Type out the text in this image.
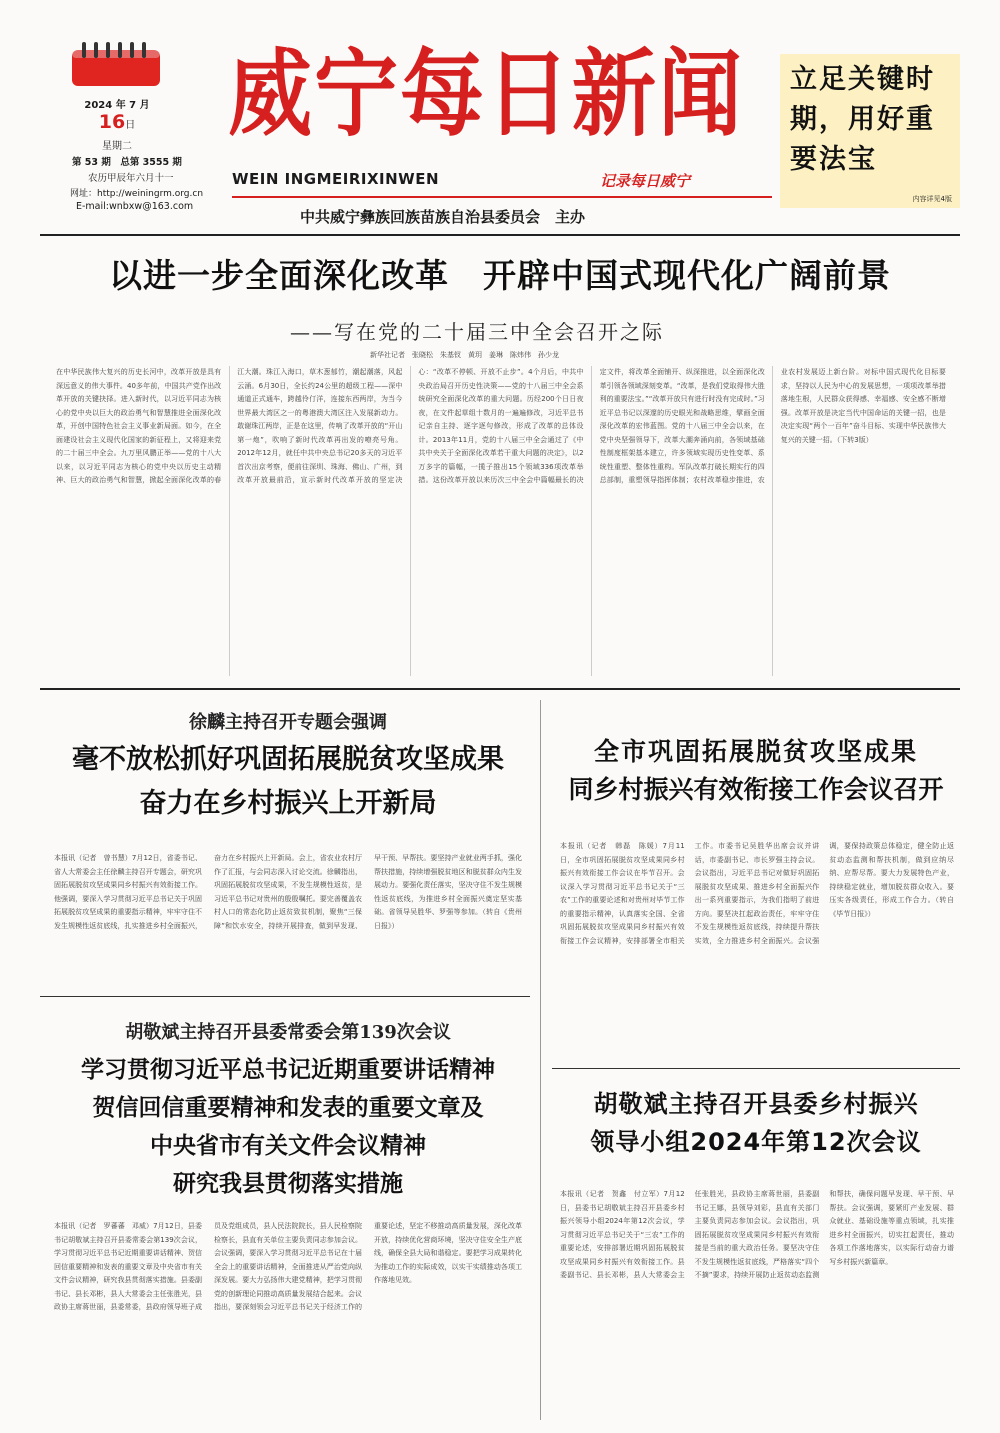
2024 年 7 月
16日
星期二
第 53 期　总第 3555 期
农历甲辰年六月十一
网址：http://weiningrm.org.cn
E-mail:wnbxw@163.com
威宁每日新闻
WEIN INGMEIRIXINWEN	记录每日威宁
中共威宁彝族回族苗族自治县委员会　主办
立足关键时期，用好重要法宝
内容详见4版
以进一步全面深化改革　开辟中国式现代化广阔前景
——写在党的二十届三中全会召开之际
新华社记者　张晓松　朱基钗　黄玥　姜琳　陈炜伟　孙少龙
在中华民族伟大复兴的历史长河中，改革开放是具有深远意义的伟大事件。40多年前，中国共产党作出改革开放的关键抉择。进入新时代，以习近平同志为核心的党中央以巨大的政治勇气和智慧推进全面深化改革，开创中国特色社会主义事业新局面。如今，在全面建设社会主义现代化国家的新征程上，又将迎来党的二十届三中全会。九万里风鹏正举——党的十八大以来，以习近平同志为核心的党中央以历史主动精神、巨大的政治勇气和智慧，掀起全面深化改革的春江大潮。珠江入海口，草木葱郁竹，潮起潮落，风起云涌。6月30日，全长约24公里的超级工程——深中通道正式通车，跨越伶仃洋，连接东西两岸，为当今世界最大湾区之一的粤港澳大湾区注入发展新动力。敢谢珠江两岸，正是在这里，传响了改革开放的“开山第一炮”，吹响了新时代改革再出发的嘹亮号角。2012年12月，就任中共中央总书记20多天的习近平首次出京考察，便前往深圳、珠海、佛山、广州，到改革开放最前沿，宣示新时代改革开放的坚定决心：“改革不停顿、开放不止步”。4个月后，中共中央政治局召开历史性决策——党的十八届三中全会系统研究全面深化改革的重大问题。历经200个日日夜夜，在文件起草组十数月的一遍遍修改，习近平总书记亲自主持、逐字逐句修改，形成了改革的总体设计。2013年11月，党的十八届三中全会通过了《中共中央关于全面深化改革若干重大问题的决定》，以2万多字的篇幅，一揽子推出15个领域336项改革举措。这份改革开放以来历次三中全会中篇幅最长的决定文件，将改革全面铺开、纵深推进，以全面深化改革引领各领域深刻变革。“改革，是我们党取得伟大胜利的重要法宝。”“改革开放只有进行时没有完成时。”习近平总书记以深邃的历史眼光和战略思维，擘画全面深化改革的宏伟蓝图。党的十八届三中全会以来，在党中央坚强领导下，改革大潮奔涌向前，各领域基础性制度框架基本建立，许多领域实现历史性变革、系统性重塑、整体性重构。军队改革打破长期实行的四总部制，重塑领导指挥体制；农村改革稳步推进，农业农村发展迈上新台阶。对标中国式现代化目标要求，坚持以人民为中心的发展思想，一项项改革举措落地生根，人民群众获得感、幸福感、安全感不断增强。改革开放是决定当代中国命运的关键一招，也是决定实现“两个一百年”奋斗目标、实现中华民族伟大复兴的关键一招。（下转3版）
徐麟主持召开专题会强调
毫不放松抓好巩固拓展脱贫攻坚成果
奋力在乡村振兴上开新局
本报讯（记者　曾书慧）7月12日，省委书记、省人大常委会主任徐麟主持召开专题会，研究巩固拓展脱贫攻坚成果同乡村振兴有效衔接工作。他强调，要深入学习贯彻习近平总书记关于巩固拓展脱贫攻坚成果的重要指示精神，牢牢守住不发生规模性返贫底线，扎实推进乡村全面振兴，奋力在乡村振兴上开新局。会上，省农业农村厅作了汇报，与会同志深入讨论交流。徐麟指出，巩固拓展脱贫攻坚成果，不发生规模性返贫，是习近平总书记对贵州的殷殷嘱托。要完善覆盖农村人口的常态化防止返贫致贫机制，聚焦“三保障”和饮水安全，持续开展排查，做到早发现、早干预、早帮扶。要坚持产业就业两手抓，强化帮扶措施，持续增强脱贫地区和脱贫群众内生发展动力。要强化责任落实，坚决守住不发生规模性返贫底线，为推进乡村全面振兴奠定坚实基础。省领导吴胜华、罗强等参加。（转自《贵州日报》）
胡敬斌主持召开县委常委会第139次会议
学习贯彻习近平总书记近期重要讲话精神
贺信回信重要精神和发表的重要文章及
中央省市有关文件会议精神
研究我县贯彻落实措施
本报讯（记者　罗蕃蕃　邓威）7月12日，县委书记胡敬斌主持召开县委常委会第139次会议，学习贯彻习近平总书记近期重要讲话精神、贺信回信重要精神和发表的重要文章及中央省市有关文件会议精神，研究我县贯彻落实措施。县委副书记、县长邓彬，县人大常委会主任张胜光，县政协主席蒋世丽，县委常委，县政府领导班子成员及党组成员，县人民法院院长，县人民检察院检察长，县直有关单位主要负责同志参加会议。会议强调，要深入学习贯彻习近平总书记在十届全会上的重要讲话精神，全面推进从严治党向纵深发展。要大力弘扬伟大建党精神，把学习贯彻党的创新理论同推动高质量发展结合起来。会议指出，要深刻领会习近平总书记关于经济工作的重要论述，坚定不移推动高质量发展，深化改革开放，持续优化营商环境，坚决守住安全生产底线，确保全县大局和谐稳定。要把学习成果转化为推动工作的实际成效，以实干实绩推动各项工作落地见效。
全市巩固拓展脱贫攻坚成果
同乡村振兴有效衔接工作会议召开
本报讯（记者　韩磊　陈媛）7月11日，全市巩固拓展脱贫攻坚成果同乡村振兴有效衔接工作会议在毕节召开。会议深入学习贯彻习近平总书记关于“三农”工作的重要论述和对贵州对毕节工作的重要指示精神，认真落实全国、全省巩固拓展脱贫攻坚成果同乡村振兴有效衔接工作会议精神，安排部署全市相关工作。市委书记吴胜华出席会议并讲话，市委副书记、市长罗强主持会议。会议指出，习近平总书记对做好巩固拓展脱贫攻坚成果、推进乡村全面振兴作出一系列重要指示，为我们指明了前进方向。要坚决扛起政治责任，牢牢守住不发生规模性返贫底线，持续提升帮扶实效，全力推进乡村全面振兴。会议强调，要保持政策总体稳定，健全防止返贫动态监测和帮扶机制，做到应纳尽纳、应帮尽帮。要大力发展特色产业，持续稳定就业，增加脱贫群众收入。要压实各级责任，形成工作合力。（转自《毕节日报》）
胡敬斌主持召开县委乡村振兴
领导小组2024年第12次会议
本报讯（记者　贺鑫　付立军）7月12日，县委书记胡敬斌主持召开县委乡村振兴领导小组2024年第12次会议，学习贯彻习近平总书记关于“三农”工作的重要论述，安排部署近期巩固拓展脱贫攻坚成果同乡村振兴有效衔接工作。县委副书记、县长邓彬，县人大常委会主任张胜光，县政协主席蒋世丽，县委副书记王娜，县领导刘彩，县直有关部门主要负责同志参加会议。会议指出，巩固拓展脱贫攻坚成果同乡村振兴有效衔接是当前的重大政治任务。要坚决守住不发生规模性返贫底线，严格落实“四个不摘”要求，持续开展防止返贫动态监测和帮扶，确保问题早发现、早干预、早帮扶。会议强调，要紧盯产业发展、群众就业、基础设施等重点领域，扎实推进乡村全面振兴，切实扛起责任，推动各项工作落地落实，以实际行动奋力谱写乡村振兴新篇章。
